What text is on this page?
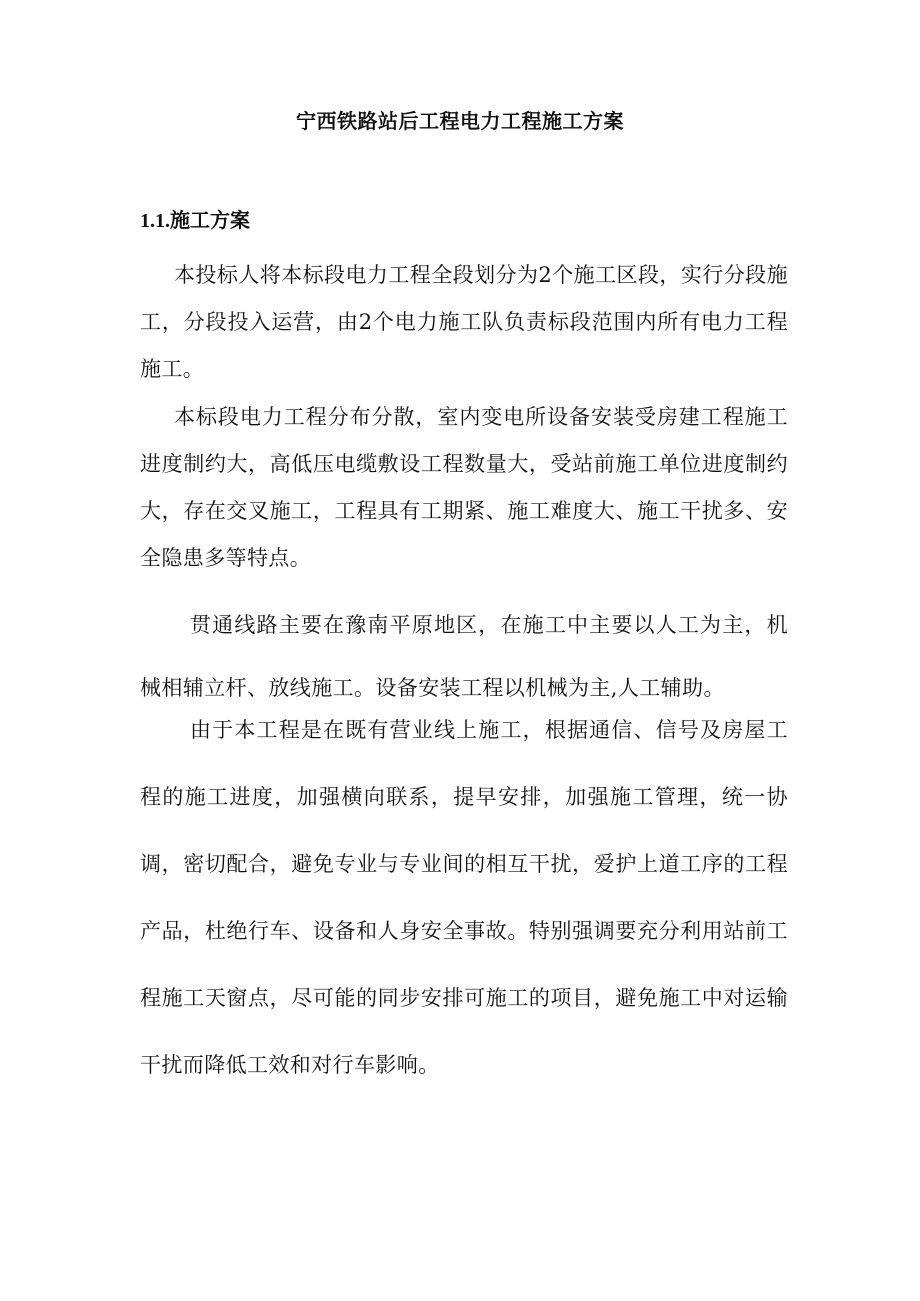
宁西铁路站后工程电力工程施工方案
1.1.施工方案

本投标人将本标段电力工程全段划分为2个施工区段，实行分段施工，分段投入运营，由2个电力施工队负责标段范围内所有电力工程施工。

本标段电力工程分布分散，室内变电所设备安装受房建工程施工进度制约大，高低压电缆敷设工程数量大，受站前施工单位进度制约大，存在交叉施工，工程具有工期紧、施工难度大、施工干扰多、安全隐患多等特点。

贯通线路主要在豫南平原地区，在施工中主要以人工为主，机械相辅立杆、放线施工。设备安装工程以机械为主,人工辅助。

由于本工程是在既有营业线上施工，根据通信、信号及房屋工程的施工进度，加强横向联系，提早安排，加强施工管理，统一协调，密切配合，避免专业与专业间的相互干扰，爱护上道工序的工程产品，杜绝行车、设备和人身安全事故。特别强调要充分利用站前工程施工天窗点，尽可能的同步安排可施工的项目，避免施工中对运输干扰而降低工效和对行车影响。
